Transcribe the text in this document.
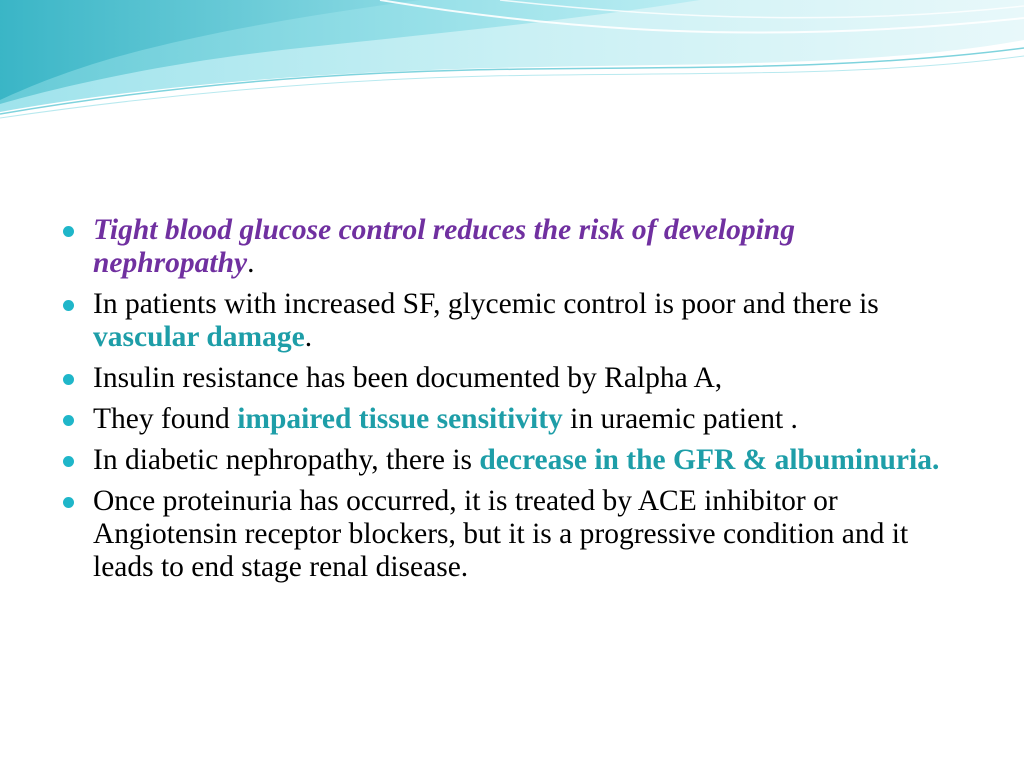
Tight blood glucose control reduces the risk of developing nephropathy.
In patients with increased SF, glycemic control is poor and there is vascular damage.
Insulin resistance has been documented by Ralpha A,
They found impaired tissue sensitivity in uraemic patient .
In diabetic nephropathy, there is decrease in the GFR & albuminuria.
Once proteinuria has occurred, it is treated by ACE inhibitor or Angiotensin receptor blockers, but it is a progressive condition and it leads to end stage renal disease.
